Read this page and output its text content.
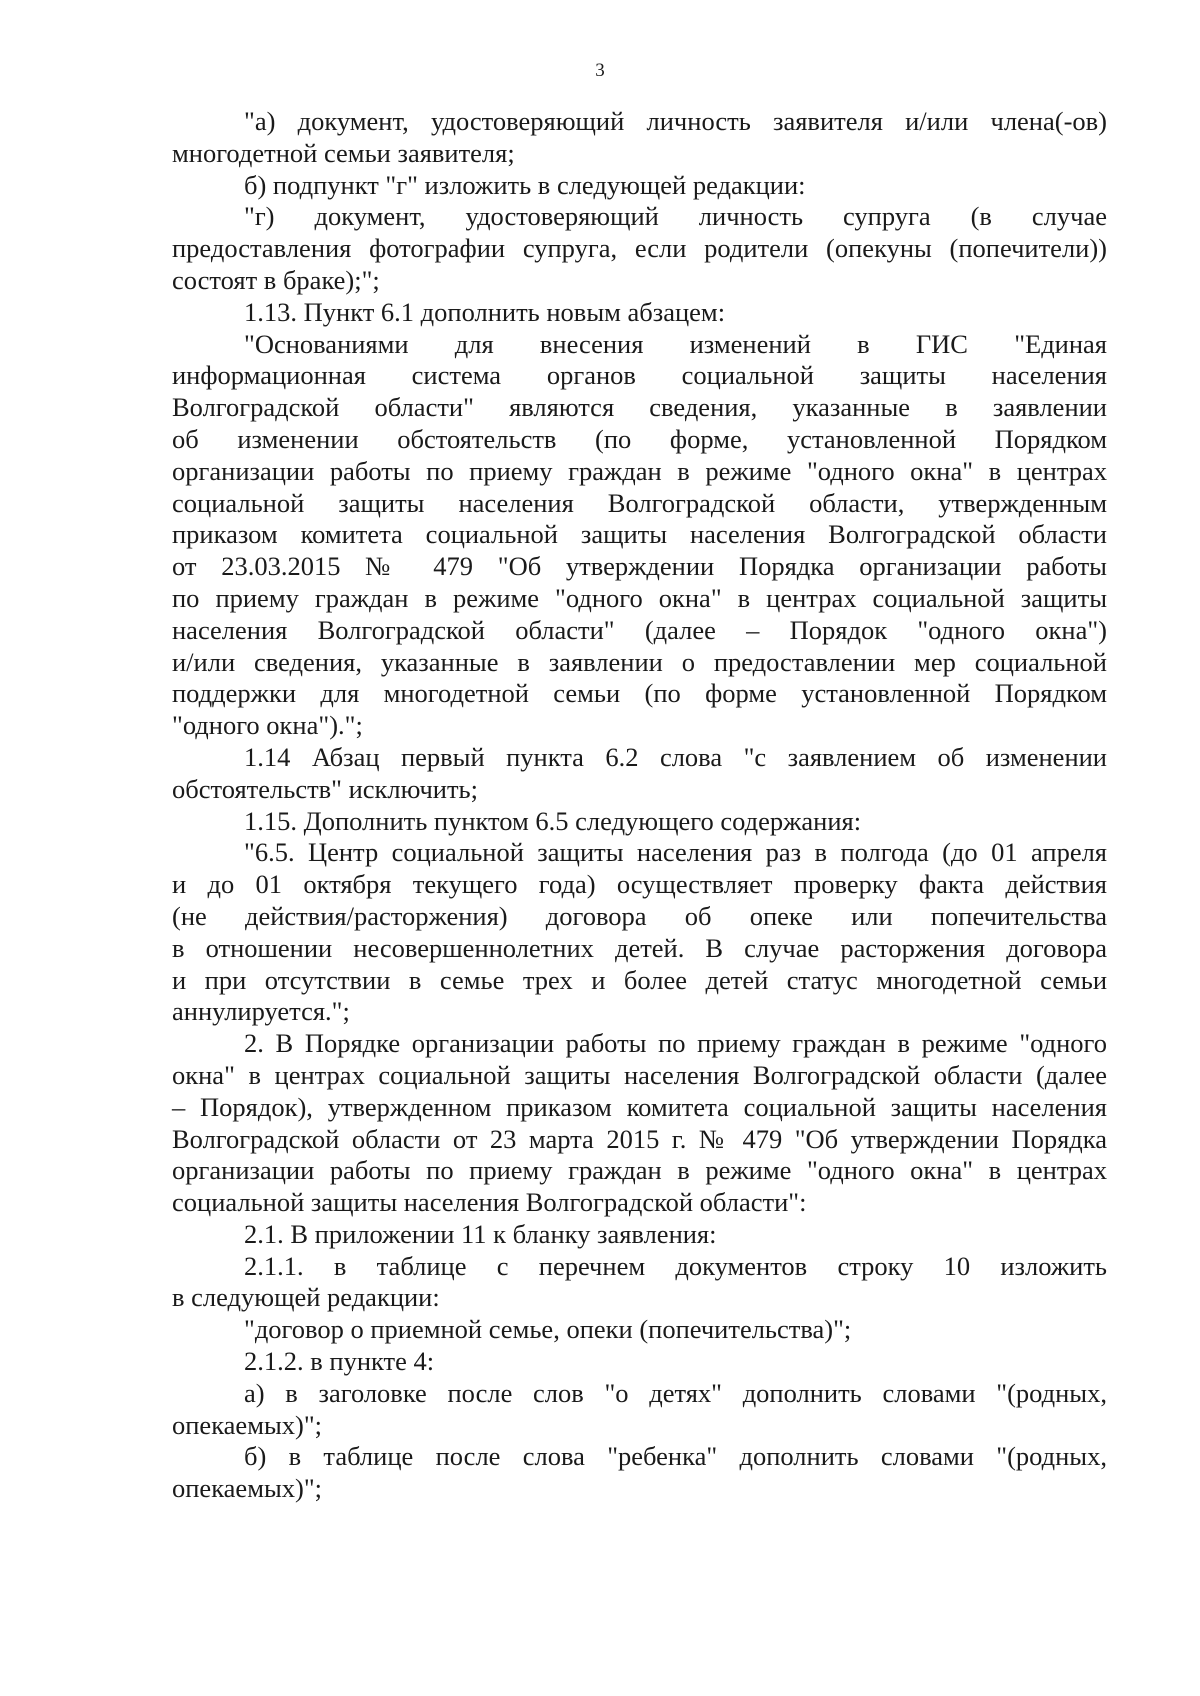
3
"а) документ, удостоверяющий личность заявителя и/или члена(-ов)
многодетной семьи заявителя;
б) подпункт "г" изложить в следующей редакции:
"г) документ, удостоверяющий личность супруга (в случае
предоставления фотографии супруга, если родители (опекуны (попечители))
состоят в браке);";
1.13. Пункт 6.1 дополнить новым абзацем:
"Основаниями для внесения изменений в ГИС "Единая
информационная система органов социальной защиты населения
Волгоградской области" являются сведения, указанные в заявлении
об изменении обстоятельств (по форме, установленной Порядком
организации работы по приему граждан в режиме "одного окна" в центрах
социальной защиты населения Волгоградской области, утвержденным
приказом комитета социальной защиты населения Волгоградской области
от 23.03.2015 № 479 "Об утверждении Порядка организации работы
по приему граждан в режиме "одного окна" в центрах социальной защиты
населения Волгоградской области" (далее – Порядок "одного окна")
и/или сведения, указанные в заявлении о предоставлении мер социальной
поддержки для многодетной семьи (по форме установленной Порядком
"одного окна").";
1.14 Абзац первый пункта 6.2 слова "с заявлением об изменении
обстоятельств" исключить;
1.15. Дополнить пунктом 6.5 следующего содержания:
"6.5. Центр социальной защиты населения раз в полгода (до 01 апреля
и до 01 октября текущего года) осуществляет проверку факта действия
(не действия/расторжения) договора об опеке или попечительства
в отношении несовершеннолетних детей. В случае расторжения договора
и при отсутствии в семье трех и более детей статус многодетной семьи
аннулируется.";
2. В Порядке организации работы по приему граждан в режиме "одного
окна" в центрах социальной защиты населения Волгоградской области (далее
– Порядок), утвержденном приказом комитета социальной защиты населения
Волгоградской области от 23 марта 2015 г. № 479 "Об утверждении Порядка
организации работы по приему граждан в режиме "одного окна" в центрах
социальной защиты населения Волгоградской области":
2.1. В приложении 11 к бланку заявления:
2.1.1. в таблице с перечнем документов строку 10 изложить
в следующей редакции:
"договор о приемной семье, опеки (попечительства)";
2.1.2. в пункте 4:
а) в заголовке после слов "о детях" дополнить словами "(родных,
опекаемых)";
б) в таблице после слова "ребенка" дополнить словами "(родных,
опекаемых)";
